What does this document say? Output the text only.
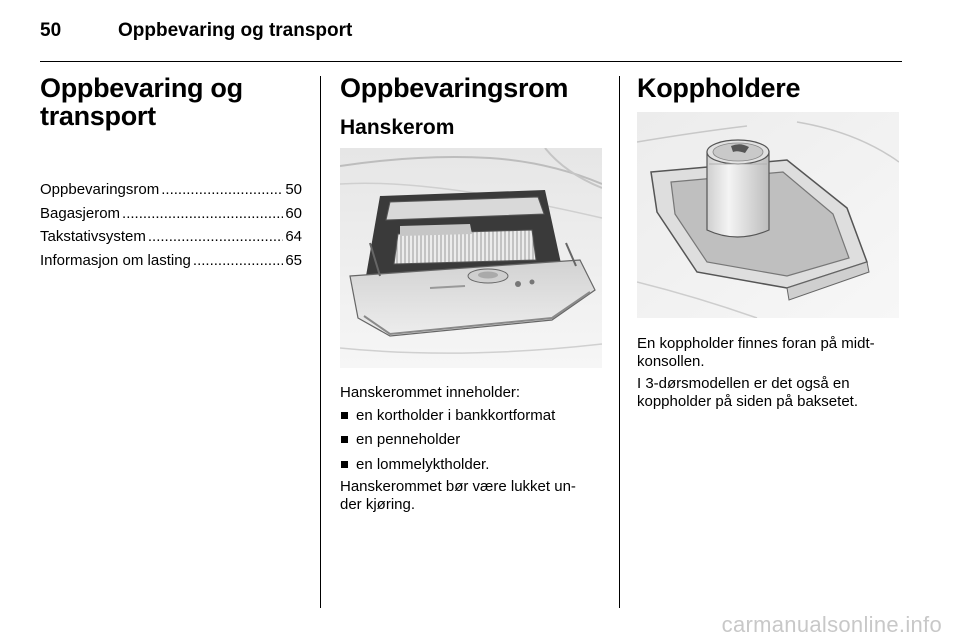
50	Oppbevaring og transport
Oppbevaring og
transport
Oppbevaringsrom .....	50
Bagasjerom .....	60
Takstativsystem .....	64
Informasjon om lasting .....	65
Oppbevaringsrom
Hanskerom

Hanskerommet inneholder:

en kortholder i bankkortformat
en penneholder
en lommelyktholder.

Hanskerommet bør være lukket un-
der kjøring.

Koppholdere

En koppholder finnes foran på midt-
konsollen.

I 3-dørsmodellen er det også en
koppholder på siden på baksetet.

carmanualsonline.info
